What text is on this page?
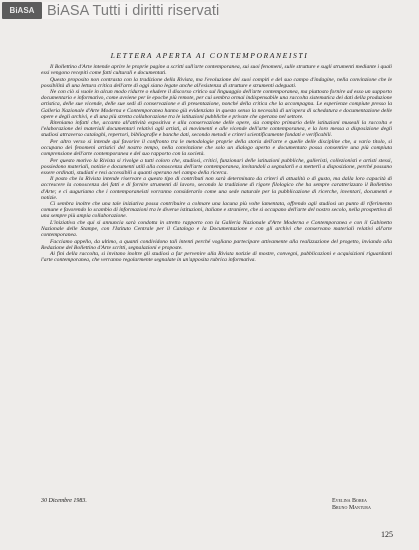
BiASA BiASA Tutti i diritti riservati
LETTERA APERTA AI CONTEMPORANEISTI

Il Bollettino d'Arte intende aprire le proprie pagine a scritti sull'arte contemporanea, sui suoi fenomeni, sulle strutture e sugli strumenti mediante i quali essi vengono recepiti come fatti culturali e documentati.

Questo proposito non contrasta con la tradizione della Rivista, ma l'evoluzione dei suoi compiti e del suo campo d'indagine, nella convinzione che le possibilità di una lettura critica dell'arte di oggi siano legate anche all'esistenza di strutture e strumenti adeguati.

Ne con ciò si vuole in alcun modo ridurre o eludere il discorso critico sul linguaggio dell'arte contemporanea, ma piuttosto fornire ad esso un supporto documentario e informativo, come avviene per le epoche più remote, per cui sembra ormai indispensabile una raccolta sistematica dei dati della produzione artistica, delle sue vicende, delle sue sedi di conservazione e di presentazione, nonché della critica che la accompagna. Le esperienze compiute presso la Galleria Nazionale d'Arte Moderna e Contemporanea hanno già evidenziato in questo senso la necessità di un'opera di schedatura e documentazione delle opere e degli archivi, e di una più stretta collaborazione tra le istituzioni pubbliche e private che operano nel settore.

Riteniamo infatti che, accanto all'attività espositiva e alla conservazione delle opere, sia compito primario delle istituzioni museali la raccolta e l'elaborazione dei materiali documentari relativi agli artisti, ai movimenti e alle vicende dell'arte contemporanea, e la loro messa a disposizione degli studiosi attraverso cataloghi, repertori, bibliografie e banche dati, secondo metodi e criteri scientificamente fondati e verificabili.

Per altro verso si intende qui favorire il confronto tra le metodologie proprie della storia dell'arte e quelle delle discipline che, a vario titolo, si occupano dei fenomeni artistici del nostro tempo, nella convinzione che solo un dialogo aperto e documentato possa consentire una più compiuta comprensione dell'arte contemporanea e del suo rapporto con la società.

Per questo motivo la Rivista si rivolge a tutti coloro che, studiosi, critici, funzionari delle istituzioni pubbliche, galleristi, collezionisti e artisti stessi, possiedono materiali, notizie e documenti utili alla conoscenza dell'arte contemporanea, invitandoli a segnalarli e a metterli a disposizione, perché possano essere ordinati, studiati e resi accessibili a quanti operano nel campo della ricerca.

Il posto che la Rivista intende riservare a questo tipo di contributi non sarà determinato da criteri di attualità o di gusto, ma dalla loro capacità di accrescere la conoscenza dei fatti e di fornire strumenti di lavoro, secondo la tradizione di rigore filologico che ha sempre caratterizzato il Bollettino d'Arte; e ci auguriamo che i contemporaneisti vorranno considerarlo come una sede naturale per la pubblicazione di ricerche, inventari, documenti e notizie.

Ci sembra inoltre che una tale iniziativa possa contribuire a colmare una lacuna più volte lamentata, offrendo agli studiosi un punto di riferimento comune e favorendo lo scambio di informazioni tra le diverse istituzioni, italiane e straniere, che si occupano dell'arte del nostro secolo, nella prospettiva di una sempre più ampia collaborazione.

L'iniziativa che qui si annuncia sarà condotta in stretto rapporto con la Galleria Nazionale d'Arte Moderna e Contemporanea e con il Gabinetto Nazionale delle Stampe, con l'Istituto Centrale per il Catalogo e la Documentazione e con gli archivi che conservano materiali relativi all'arte contemporanea.

Facciamo appello, da ultimo, a quanti condividono tali intenti perché vogliano partecipare attivamente alla realizzazione del progetto, inviando alla Redazione del Bollettino d'Arte scritti, segnalazioni e proposte.

Ai fini della raccolta, si invitano inoltre gli studiosi a far pervenire alla Rivista notizie di mostre, convegni, pubblicazioni e acquisizioni riguardanti l'arte contemporanea, che verranno regolarmente segnalate in un'apposita rubrica informativa.

30 Dicembre 1983.	Evelina Borea
Bruno Mantura
125
